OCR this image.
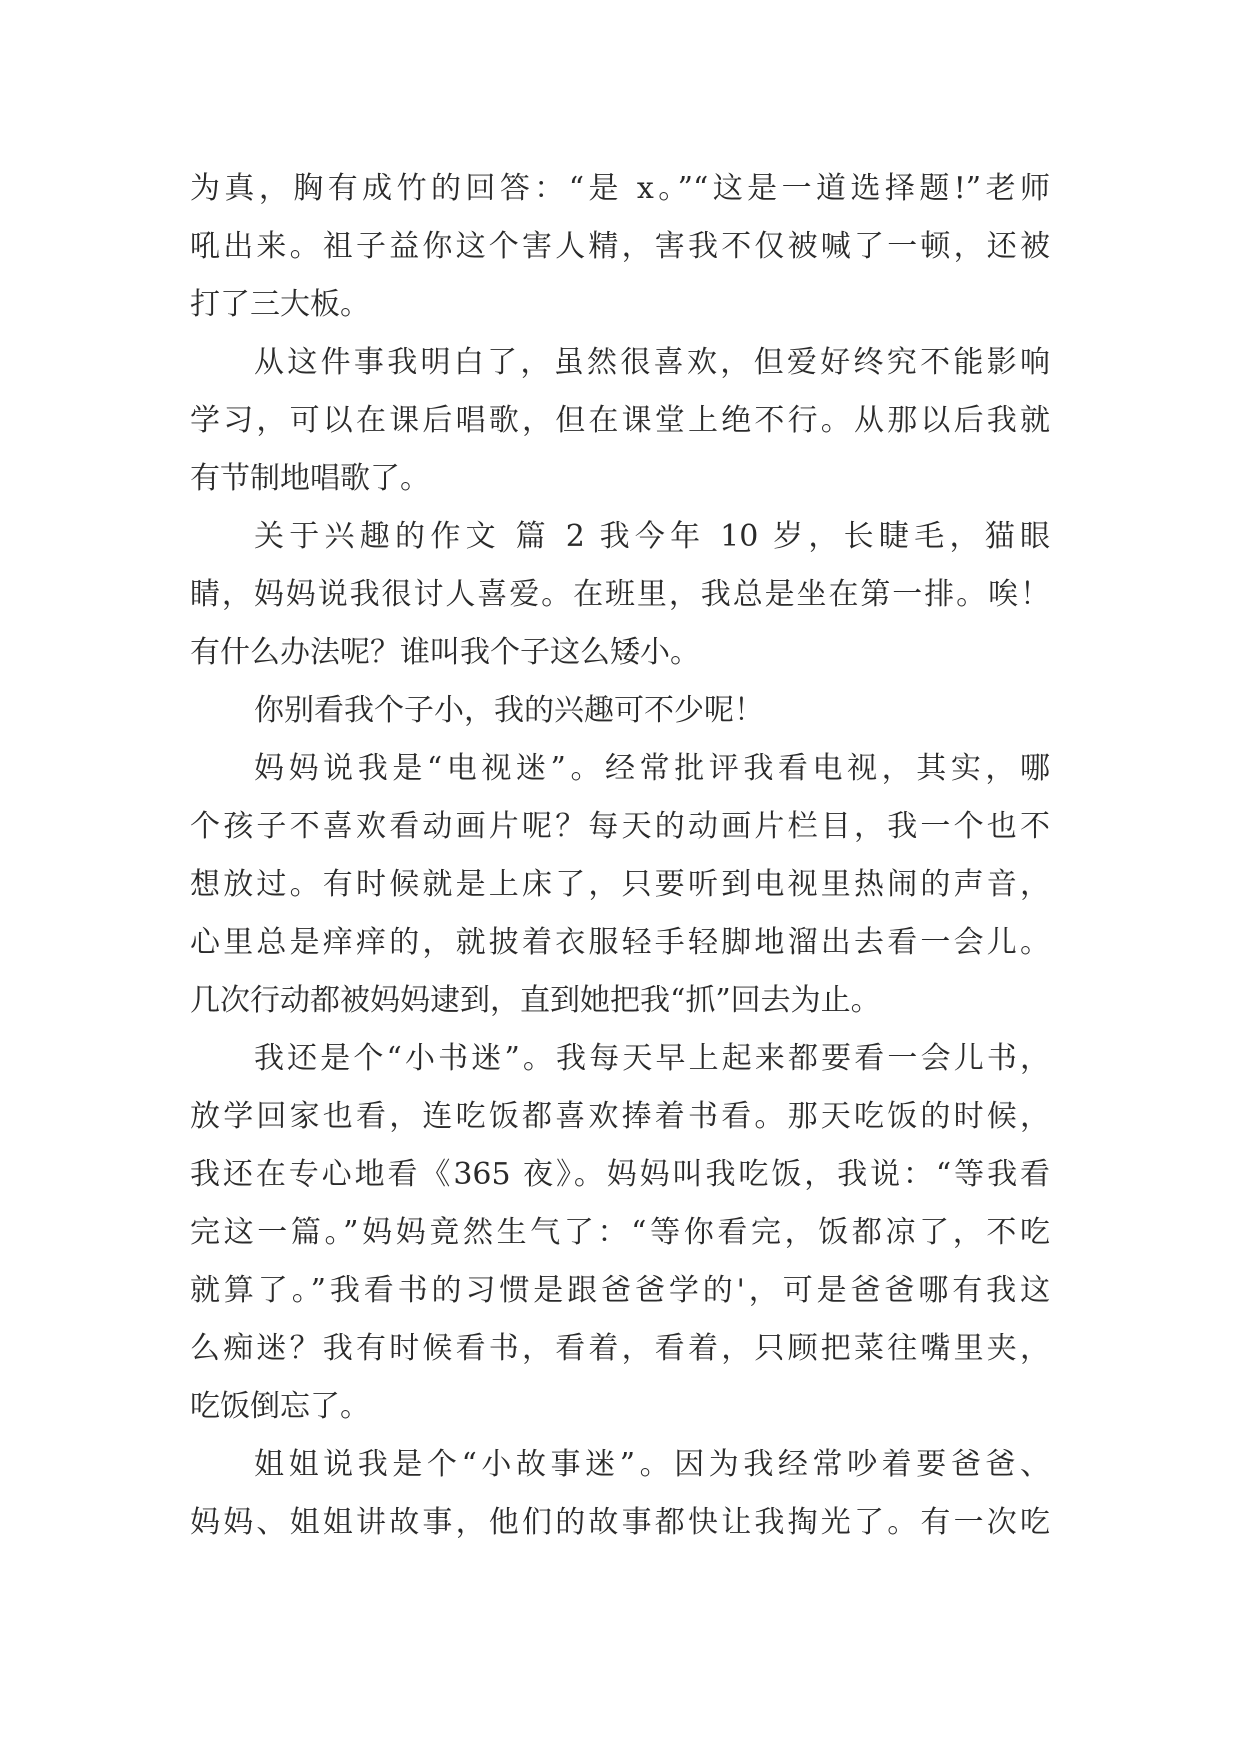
为真，胸有成竹的回答：“是 x。”“这是一道选择题!”老师
吼出来。祖子益你这个害人精，害我不仅被喊了一顿，还被
打了三大板。
从这件事我明白了，虽然很喜欢，但爱好终究不能影响
学习，可以在课后唱歌，但在课堂上绝不行。从那以后我就
有节制地唱歌了。
关于兴趣的作文 篇 2 我今年 10 岁，长睫毛，猫眼
睛，妈妈说我很讨人喜爱。在班里，我总是坐在第一排。唉！
有什么办法呢？谁叫我个子这么矮小。
你别看我个子小，我的兴趣可不少呢！
妈妈说我是“电视迷”。经常批评我看电视，其实，哪
个孩子不喜欢看动画片呢？每天的动画片栏目，我一个也不
想放过。有时候就是上床了，只要听到电视里热闹的声音，
心里总是痒痒的，就披着衣服轻手轻脚地溜出去看一会儿。
几次行动都被妈妈逮到，直到她把我“抓”回去为止。
我还是个“小书迷”。我每天早上起来都要看一会儿书，
放学回家也看，连吃饭都喜欢捧着书看。那天吃饭的时候，
我还在专心地看《365 夜》。妈妈叫我吃饭，我说：“等我看
完这一篇。”妈妈竟然生气了：“等你看完，饭都凉了，不吃
就算了。”我看书的习惯是跟爸爸学的'，可是爸爸哪有我这
么痴迷？我有时候看书，看着，看着，只顾把菜往嘴里夹，
吃饭倒忘了。
姐姐说我是个“小故事迷”。因为我经常吵着要爸爸、
妈妈、姐姐讲故事，他们的故事都快让我掏光了。有一次吃
